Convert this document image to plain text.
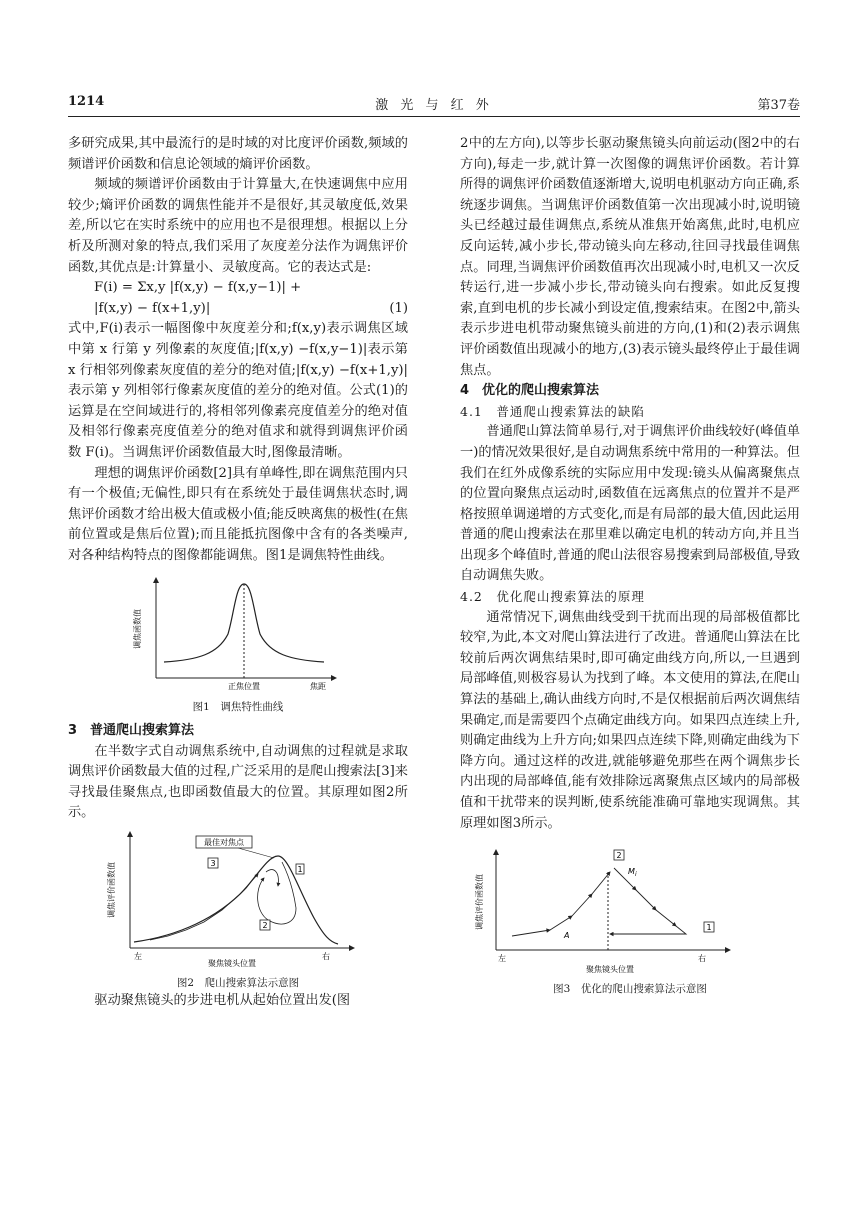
1214	激 光 与 红 外	第37卷

多研究成果,其中最流行的是时域的对比度评价函数,频域的频谱评价函数和信息论领域的熵评价函数。

频域的频谱评价函数由于计算量大,在快速调焦中应用较少;熵评价函数的调焦性能并不是很好,其灵敏度低,效果差,所以它在实时系统中的应用也不是很理想。根据以上分析及所测对象的特点,我们采用了灰度差分法作为调焦评价函数,其优点是:计算量小、灵敏度高。它的表达式是:

F(i) = Σx,y |f(x,y) − f(x,y−1)| +
|f(x,y) − f(x+1,y)|	(1)

式中,F(i)表示一幅图像中灰度差分和;f(x,y)表示调焦区域中第 x 行第 y 列像素的灰度值;|f(x,y) −f(x,y−1)|表示第 x 行相邻列像素灰度值的差分的绝对值;|f(x,y) −f(x+1,y)|表示第 y 列相邻行像素灰度值的差分的绝对值。公式(1)的运算是在空间域进行的,将相邻列像素亮度值差分的绝对值及相邻行像素亮度值差分的绝对值求和就得到调焦评价函数 F(i)。当调焦评价函数值最大时,图像最清晰。

理想的调焦评价函数[2]具有单峰性,即在调焦范围内只有一个极值;无偏性,即只有在系统处于最佳调焦状态时,调焦评价函数才给出极大值或极小值;能反映离焦的极性(在焦前位置或是焦后位置);而且能抵抗图像中含有的各类噪声,对各种结构特点的图像都能调焦。图1是调焦特性曲线。

调焦函数值
正焦位置	焦距
图1　调焦特性曲线

3　普通爬山搜索算法

在半数字式自动调焦系统中,自动调焦的过程就是求取调焦评价函数最大值的过程,广泛采用的是爬山搜索法[3]来寻找最佳聚焦点,也即函数值最大的位置。其原理如图2所示。

最佳对焦点
3
1
2
调焦评价函数值
左	右
聚焦镜头位置
图2　爬山搜索算法示意图

驱动聚焦镜头的步进电机从起始位置出发(图

2中的左方向),以等步长驱动聚焦镜头向前运动(图2中的右方向),每走一步,就计算一次图像的调焦评价函数。若计算所得的调焦评价函数值逐渐增大,说明电机驱动方向正确,系统逐步调焦。当调焦评价函数值第一次出现减小时,说明镜头已经越过最佳调焦点,系统从准焦开始离焦,此时,电机应反向运转,减小步长,带动镜头向左移动,往回寻找最佳调焦点。同理,当调焦评价函数值再次出现减小时,电机又一次反转运行,进一步减小步长,带动镜头向右搜索。如此反复搜索,直到电机的步长减小到设定值,搜索结束。在图2中,箭头表示步进电机带动聚焦镜头前进的方向,(1)和(2)表示调焦评价函数值出现减小的地方,(3)表示镜头最终停止于最佳调焦点。

4　优化的爬山搜索算法

4.1　普通爬山搜索算法的缺陷

普通爬山算法简单易行,对于调焦评价曲线较好(峰值单一)的情况效果很好,是自动调焦系统中常用的一种算法。但我们在红外成像系统的实际应用中发现:镜头从偏离聚焦点的位置向聚焦点运动时,函数值在远离焦点的位置并不是严格按照单调递增的方式变化,而是有局部的最大值,因此运用普通的爬山搜索法在那里难以确定电机的转动方向,并且当出现多个峰值时,普通的爬山法很容易搜索到局部极值,导致自动调焦失败。

4.2　优化爬山搜索算法的原理

通常情况下,调焦曲线受到干扰而出现的局部极值都比较窄,为此,本文对爬山算法进行了改进。普通爬山算法在比较前后两次调焦结果时,即可确定曲线方向,所以,一旦遇到局部峰值,则极容易认为找到了峰。本文使用的算法,在爬山算法的基础上,确认曲线方向时,不是仅根据前后两次调焦结果确定,而是需要四个点确定曲线方向。如果四点连续上升,则确定曲线为上升方向;如果四点连续下降,则确定曲线为下降方向。通过这样的改进,就能够避免那些在两个调焦步长内出现的局部峰值,能有效排除远离聚焦点区域内的局部极值和干扰带来的误判断,使系统能准确可靠地实现调焦。其原理如图3所示。

2
M i
1
A
调焦评价函数值
左	右
聚焦镜头位置
图3　优化的爬山搜索算法示意图
